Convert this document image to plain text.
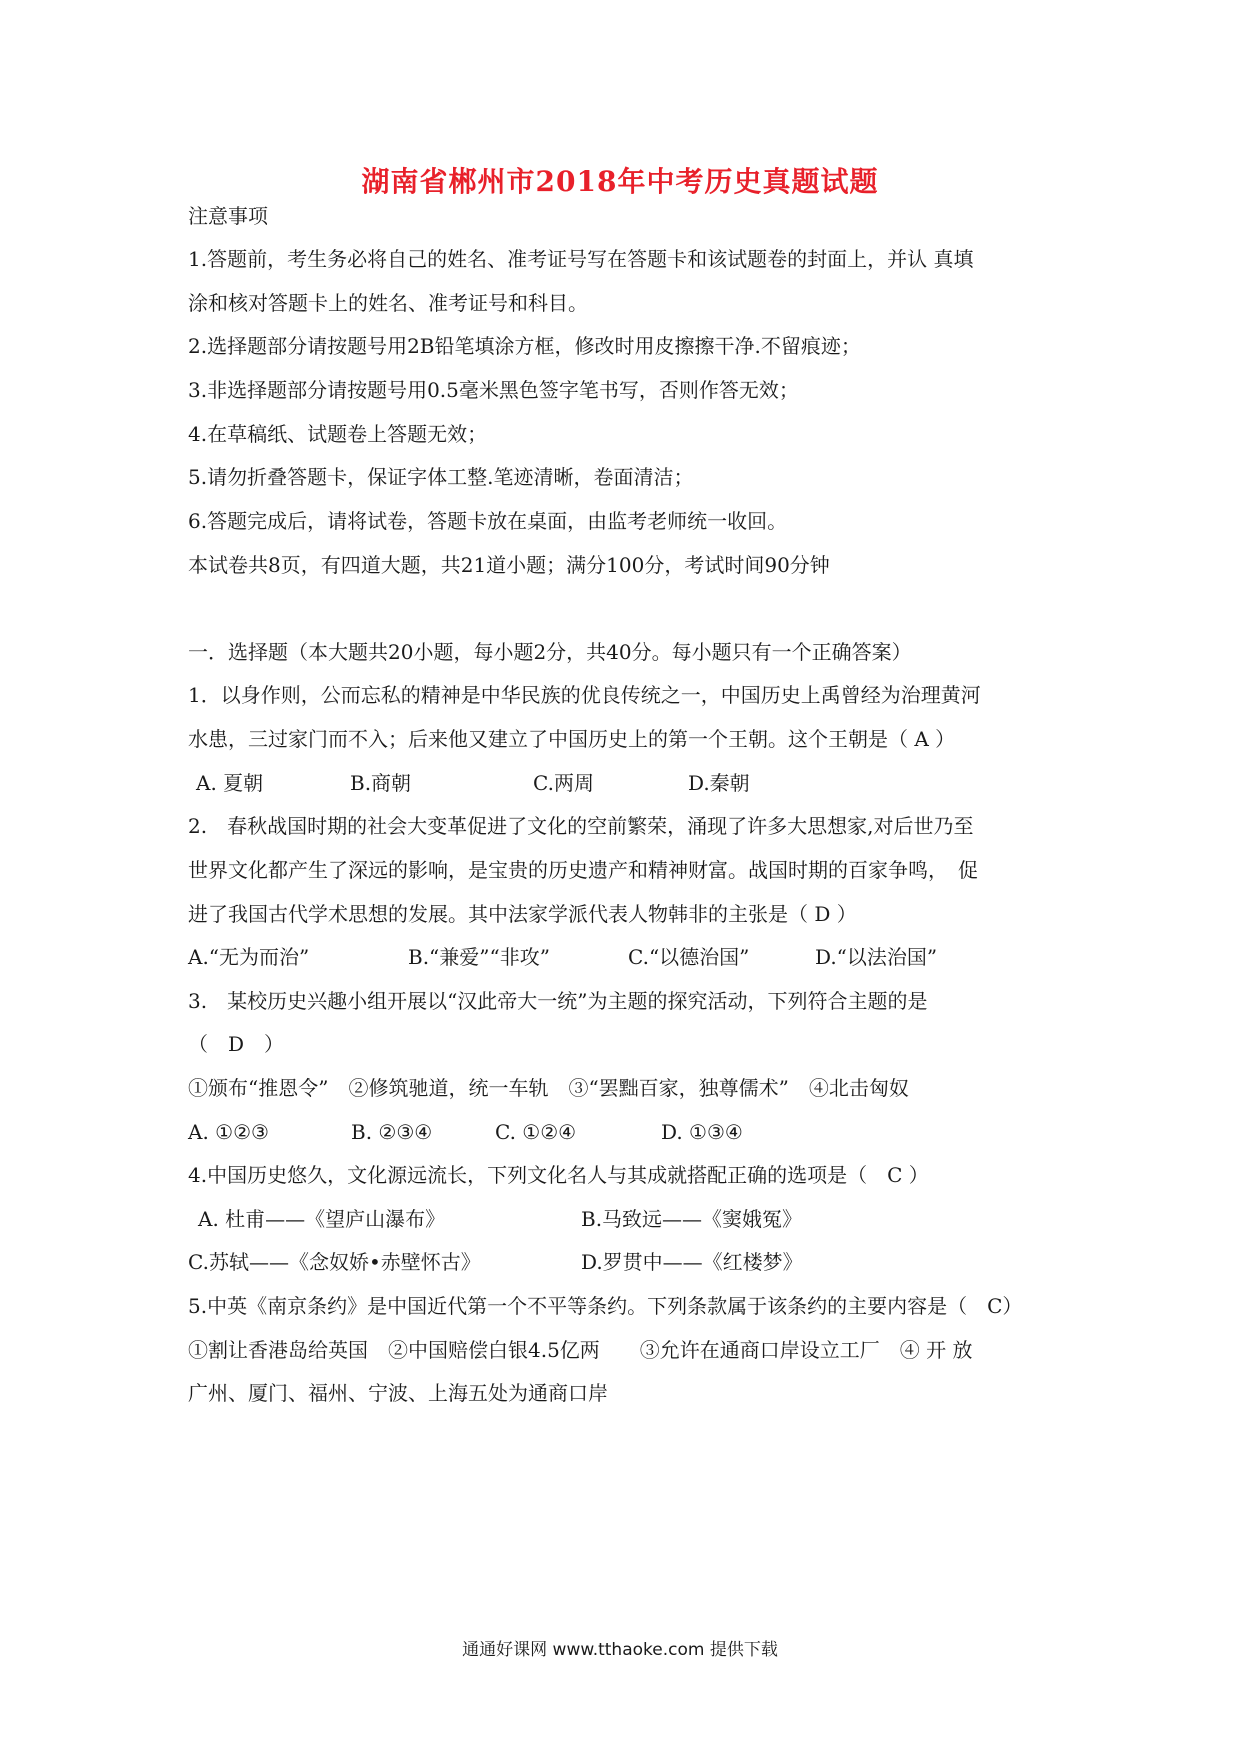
湖南省郴州市2018年中考历史真题试题
注意事项
1.答题前，考生务必将自己的姓名、准考证号写在答题卡和该试题卷的封面上，并认 真填
涂和核对答题卡上的姓名、准考证号和科目。
2.选择题部分请按题号用2B铅笔填涂方框，修改时用皮擦擦干净.不留痕迹；
3.非选择题部分请按题号用0.5毫米黑色签字笔书写，否则作答无效；
4.在草稿纸、试题卷上答题无效；
5.请勿折叠答题卡，保证字体工整.笔迹清晰，卷面清洁；
6.答题完成后，请将试卷，答题卡放在桌面，由监考老师统一收回。
本试卷共8页，有四道大题，共21道小题；满分100分，考试时间90分钟
一．选择题（本大题共20小题，每小题2分，共40分。每小题只有一个正确答案）
1．以身作则，公而忘私的精神是中华民族的优良传统之一，中国历史上禹曾经为治理黄河
水患，三过家门而不入；后来他又建立了中国历史上的第一个王朝。这个王朝是（ A ）
A. 夏朝	B.商朝	C.两周	D.秦朝
2.　春秋战国时期的社会大变革促进了文化的空前繁荣，涌现了许多大思想家,对后世乃至
世界文化都产生了深远的影响，是宝贵的历史遗产和精神财富。战国时期的百家争鸣，　促
进了我国古代学术思想的发展。其中法家学派代表人物韩非的主张是（ D ）
A.“无为而治”	B.“兼爱”“非攻”	C.“以德治国”	D.“以法治国”
3.　某校历史兴趣小组开展以“汉此帝大一统”为主题的探究活动，下列符合主题的是
（　D　）
①颁布“推恩令”　②修筑驰道，统一车轨　③“罢黜百家，独尊儒术”　④北击匈奴
A. ①②③	B. ②③④	C. ①②④	D. ①③④
4.中国历史悠久，文化源远流长，下列文化名人与其成就搭配正确的选项是（　C ）
A. 杜甫——《望庐山瀑布》	B.马致远——《窦娥冤》
C.苏轼——《念奴娇•赤壁怀古》	D.罗贯中——《红楼梦》
5.中英《南京条约》是中国近代第一个不平等条约。下列条款属于该条约的主要内容是（　C）
①割让香港岛给英国　②中国赔偿白银4.5亿两　　③允许在通商口岸设立工厂　④ 开 放
广州、厦门、福州、宁波、上海五处为通商口岸
通通好课网 www.tthaoke.com 提供下载
